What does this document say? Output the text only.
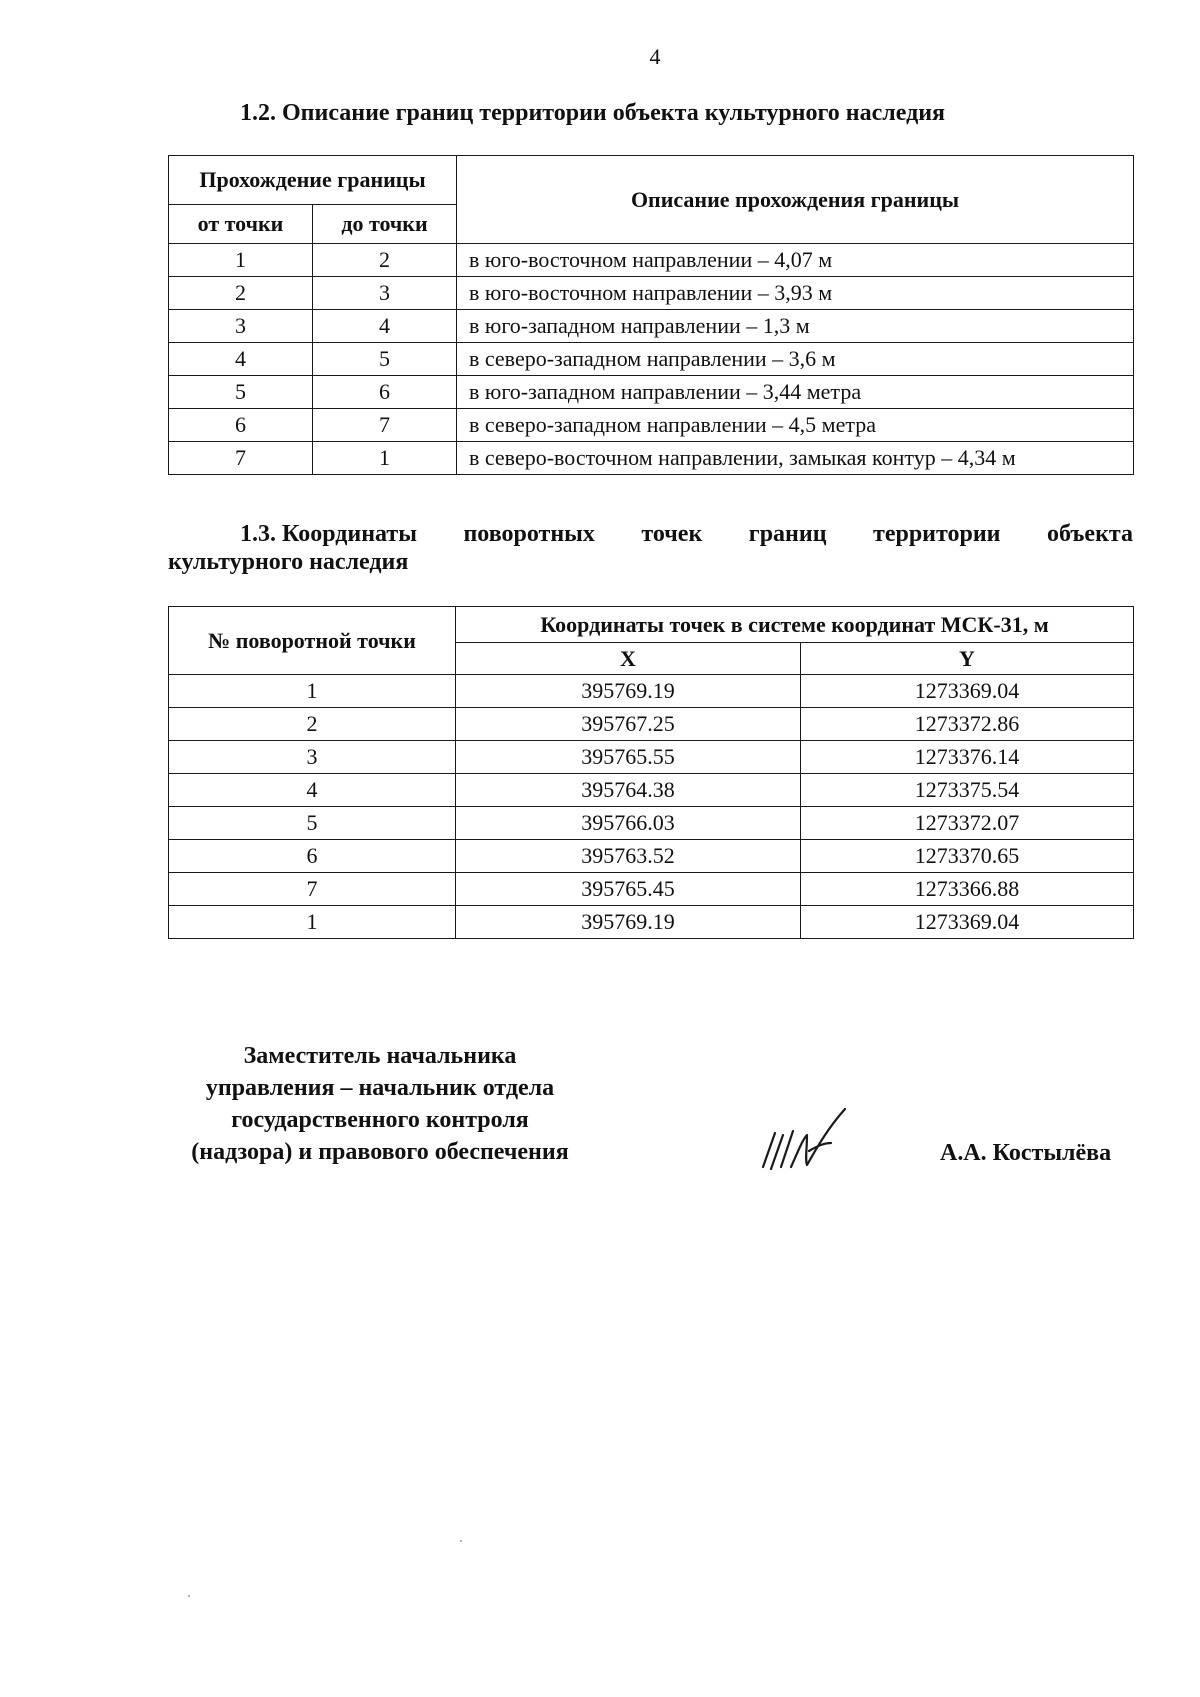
4
1.2. Описание границ территории объекта культурного наследия
Прохождение границы		Описание прохождения границы
от точки	до точки	
1	2	в юго-восточном направлении – 4,07 м
2	3	в юго-восточном направлении – 3,93 м
3	4	в юго-западном направлении – 1,3 м
4	5	в северо-западном направлении – 3,6 м
5	6	в юго-западном направлении – 3,44 метра
6	7	в северо-западном направлении – 4,5 метра
7	1	в северо-восточном направлении, замыкая контур – 4,34 м
1.3. Координаты поворотных точек границ территории объекта
культурного наследия
№ поворотной точки	Координаты точек в системе координат МСК-31, м	
	X	Y
1	395769.19	1273369.04
2	395767.25	1273372.86
3	395765.55	1273376.14
4	395764.38	1273375.54
5	395766.03	1273372.07
6	395763.52	1273370.65
7	395765.45	1273366.88
1	395769.19	1273369.04
Заместитель начальника
управления – начальник отдела
государственного контроля
(надзора) и правового обеспечения	А.А. Костылёва
